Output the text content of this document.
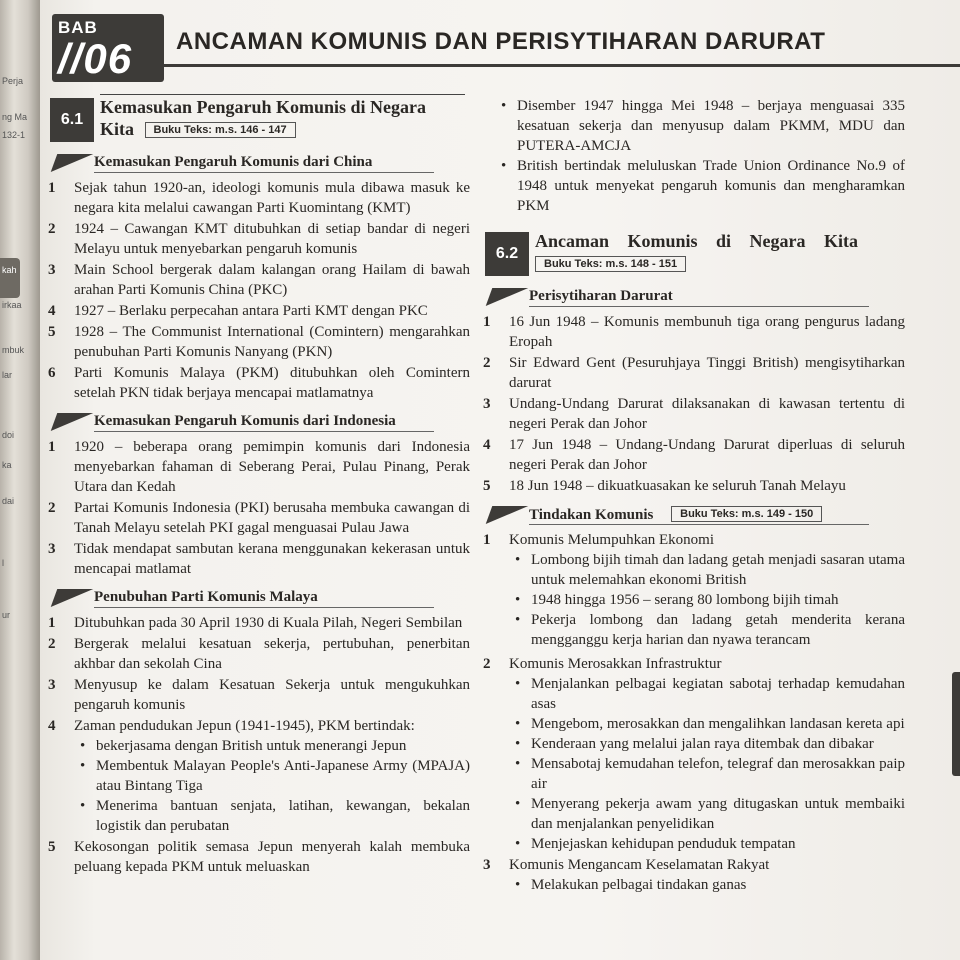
Perja
ng Ma
132-1
kah
irkaa
mbuk
lar
doi
ka
dai
l
ur
BAB
//06 ANCAMAN KOMUNIS DAN PERISYTIHARAN DARURAT
6.1
Kemasukan Pengaruh Komunis di Negara
Kita Buku Teks: m.s. 146 - 147
Kemasukan Pengaruh Komunis dari China
1 Sejak tahun 1920-an, ideologi komunis mula dibawa masuk ke negara kita melalui cawangan Parti Kuomintang (KMT)
2 1924 – Cawangan KMT ditubuhkan di setiap bandar di negeri Melayu untuk menyebarkan pengaruh komunis
3 Main School bergerak dalam kalangan orang Hailam di bawah arahan Parti Komunis China (PKC)
4 1927 – Berlaku perpecahan antara Parti KMT dengan PKC
5 1928 – The Communist International (Comintern) mengarahkan penubuhan Parti Komunis Nanyang (PKN)
6 Parti Komunis Malaya (PKM) ditubuhkan oleh Comintern setelah PKN tidak berjaya mencapai matlamatnya
Kemasukan Pengaruh Komunis dari Indonesia
1 1920 – beberapa orang pemimpin komunis dari Indonesia menyebarkan fahaman di Seberang Perai, Pulau Pinang, Perak Utara dan Kedah
2 Partai Komunis Indonesia (PKI) berusaha membuka cawangan di Tanah Melayu setelah PKI gagal menguasai Pulau Jawa
3 Tidak mendapat sambutan kerana menggunakan kekerasan untuk mencapai matlamat
Penubuhan Parti Komunis Malaya
1 Ditubuhkan pada 30 April 1930 di Kuala Pilah, Negeri Sembilan
2 Bergerak melalui kesatuan sekerja, pertubuhan, penerbitan akhbar dan sekolah Cina
3 Menyusup ke dalam Kesatuan Sekerja untuk mengukuhkan pengaruh komunis
4 Zaman pendudukan Jepun (1941-1945), PKM bertindak:
• bekerjasama dengan British untuk menerangi Jepun
• Membentuk Malayan People's Anti-Japanese Army (MPAJA) atau Bintang Tiga
• Menerima bantuan senjata, latihan, kewangan, bekalan logistik dan perubatan
5 Kekosongan politik semasa Jepun menyerah kalah membuka peluang kepada PKM untuk meluaskan
• Disember 1947 hingga Mei 1948 – berjaya menguasai 335 kesatuan sekerja dan menyusup dalam PKMM, MDU dan PUTERA-AMCJA
• British bertindak meluluskan Trade Union Ordinance No.9 of 1948 untuk menyekat pengaruh komunis dan mengharamkan PKM
6.2
Ancaman Komunis di Negara Kita
Buku Teks: m.s. 148 - 151
Perisytiharan Darurat
1 16 Jun 1948 – Komunis membunuh tiga orang pengurus ladang Eropah
2 Sir Edward Gent (Pesuruhjaya Tinggi British) mengisytiharkan darurat
3 Undang-Undang Darurat dilaksanakan di kawasan tertentu di negeri Perak dan Johor
4 17 Jun 1948 – Undang-Undang Darurat diperluas di seluruh negeri Perak dan Johor
5 18 Jun 1948 – dikuatkuasakan ke seluruh Tanah Melayu
Tindakan Komunis Buku Teks: m.s. 149 - 150
1 Komunis Melumpuhkan Ekonomi
• Lombong bijih timah dan ladang getah menjadi sasaran utama untuk melemahkan ekonomi British
• 1948 hingga 1956 – serang 80 lombong bijih timah
• Pekerja lombong dan ladang getah menderita kerana mengganggu kerja harian dan nyawa terancam
2 Komunis Merosakkan Infrastruktur
• Menjalankan pelbagai kegiatan sabotaj terhadap kemudahan asas
• Mengebom, merosakkan dan mengalihkan landasan kereta api
• Kenderaan yang melalui jalan raya ditembak dan dibakar
• Mensabotaj kemudahan telefon, telegraf dan merosakkan paip air
• Menyerang pekerja awam yang ditugaskan untuk membaiki dan menjalankan penyelidikan
• Menjejaskan kehidupan penduduk tempatan
3 Komunis Mengancam Keselamatan Rakyat
• Melakukan pelbagai tindakan ganas
